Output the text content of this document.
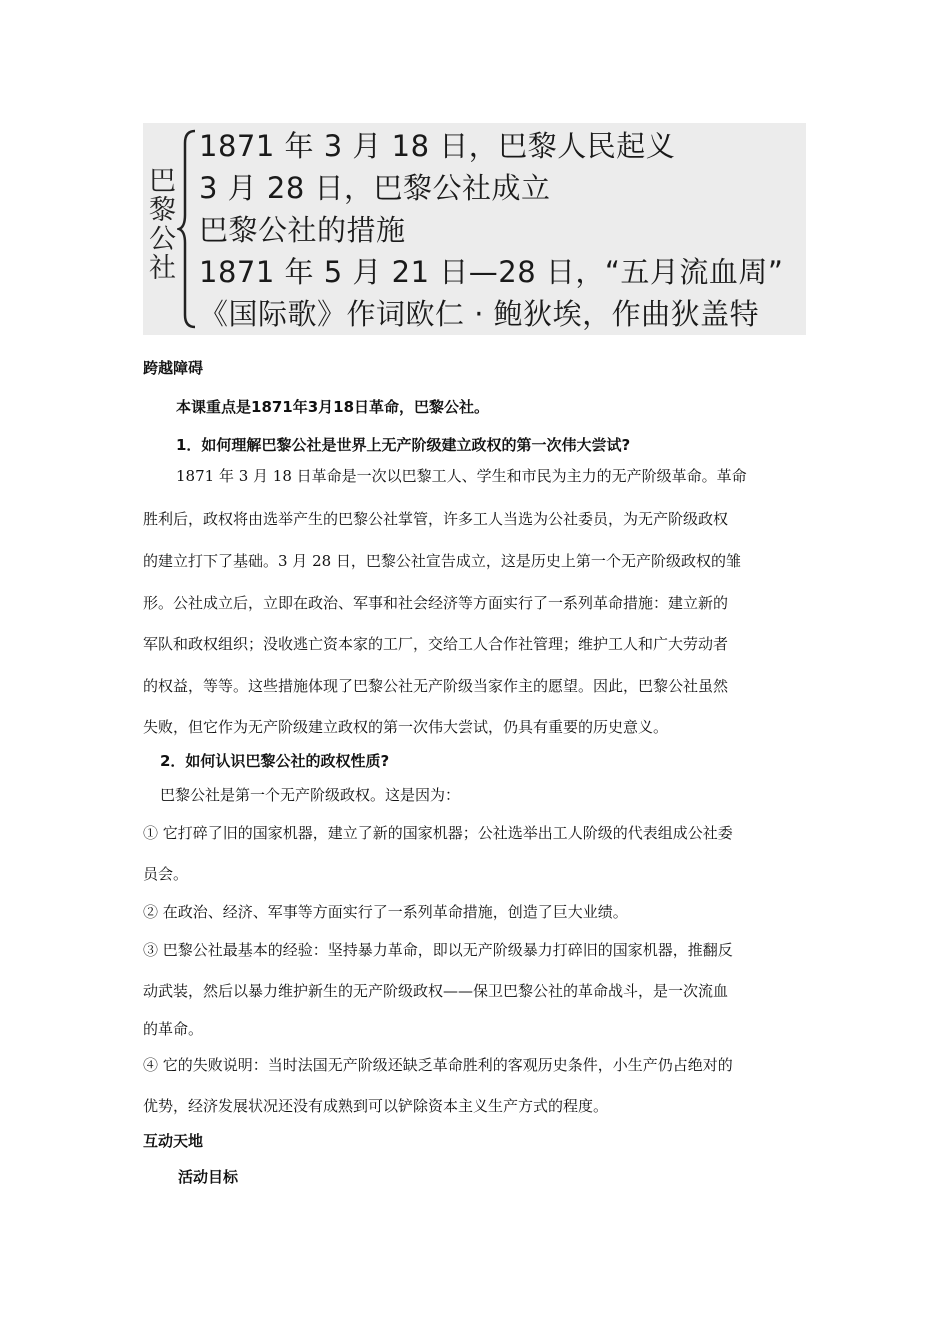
巴
黎
公
社
1871 年 3 月 18 日，巴黎人民起义
3 月 28 日，巴黎公社成立
巴黎公社的措施
1871 年 5 月 21 日—28 日，“五月流血周”
《国际歌》作词欧仁 · 鲍狄埃，作曲狄盖特
跨越障碍
本课重点是1871年3月18日革命，巴黎公社。
1．如何理解巴黎公社是世界上无产阶级建立政权的第一次伟大尝试?
1871 年 3 月 18 日革命是一次以巴黎工人、学生和市民为主力的无产阶级革命。革命
胜利后，政权将由选举产生的巴黎公社掌管，许多工人当选为公社委员，为无产阶级政权
的建立打下了基础。3 月 28 日，巴黎公社宣告成立，这是历史上第一个无产阶级政权的雏
形。公社成立后，立即在政治、军事和社会经济等方面实行了一系列革命措施：建立新的
军队和政权组织；没收逃亡资本家的工厂，交给工人合作社管理；维护工人和广大劳动者
的权益，等等。这些措施体现了巴黎公社无产阶级当家作主的愿望。因此，巴黎公社虽然
失败，但它作为无产阶级建立政权的第一次伟大尝试，仍具有重要的历史意义。
2．如何认识巴黎公社的政权性质?
巴黎公社是第一个无产阶级政权。这是因为：
① 它打碎了旧的国家机器，建立了新的国家机器；公社选举出工人阶级的代表组成公社委
员会。
② 在政治、经济、军事等方面实行了一系列革命措施，创造了巨大业绩。
③ 巴黎公社最基本的经验：坚持暴力革命，即以无产阶级暴力打碎旧的国家机器，推翻反
动武装，然后以暴力维护新生的无产阶级政权——保卫巴黎公社的革命战斗，是一次流血
的革命。
④ 它的失败说明：当时法国无产阶级还缺乏革命胜利的客观历史条件，小生产仍占绝对的
优势，经济发展状况还没有成熟到可以铲除资本主义生产方式的程度。
互动天地
活动目标
